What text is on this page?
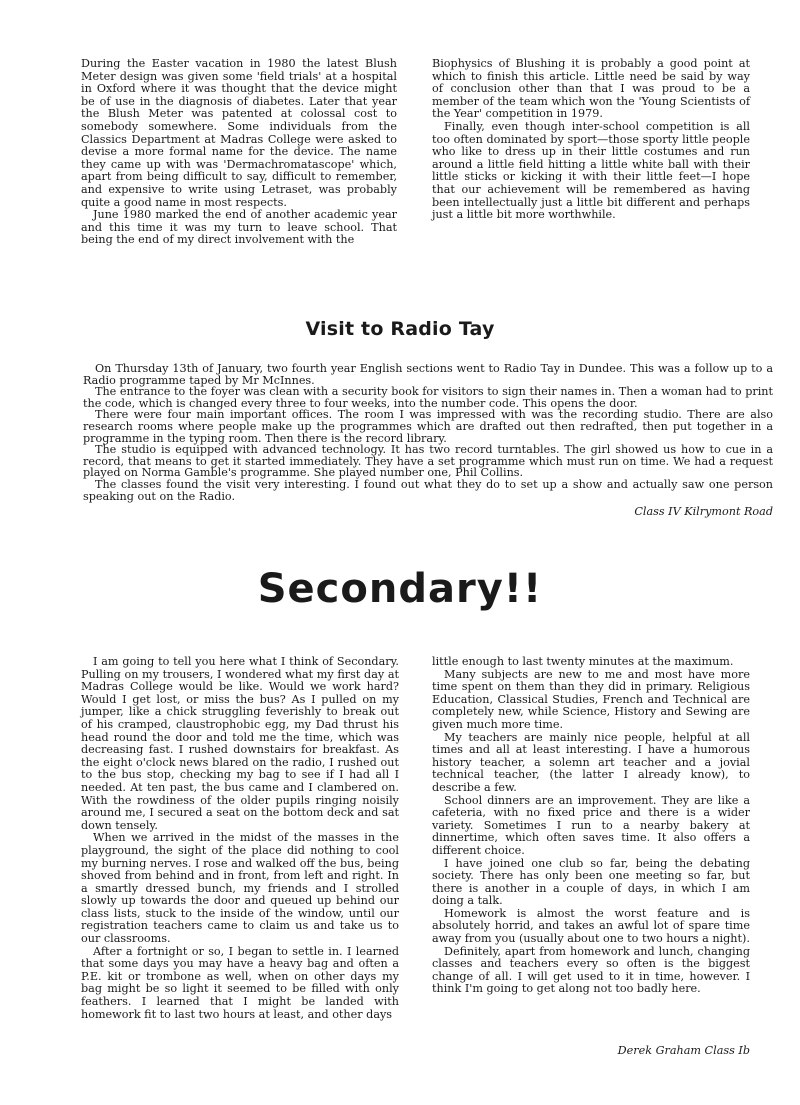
During the Easter vacation in 1980 the latest Blush Meter design was given some 'field trials' at a hospital in Oxford where it was thought that the device might be of use in the diagnosis of diabetes. Later that year the Blush Meter was patented at colossal cost to somebody somewhere. Some individuals from the Classics Department at Madras College were asked to devise a more formal name for the device. The name they came up with was 'Dermachromatascope' which, apart from being difficult to say, difficult to remember, and expensive to write using Letraset, was probably quite a good name in most respects.

June 1980 marked the end of another academic year and this time it was my turn to leave school. That being the end of my direct involvement with the

Biophysics of Blushing it is probably a good point at which to finish this article. Little need be said by way of conclusion other than that I was proud to be a member of the team which won the 'Young Scientists of the Year' competition in 1979.

Finally, even though inter-school competition is all too often dominated by sport—those sporty little people who like to dress up in their little costumes and run around a little field hitting a little white ball with their little sticks or kicking it with their little feet—I hope that our achievement will be remembered as having been intellectually just a little bit different and perhaps just a little bit more worthwhile.

Visit to Radio Tay

On Thursday 13th of January, two fourth year English sections went to Radio Tay in Dundee. This was a follow up to a Radio programme taped by Mr McInnes.

The entrance to the foyer was clean with a security book for visitors to sign their names in. Then a woman had to print the code, which is changed every three to four weeks, into the number code. This opens the door.

There were four main important offices. The room I was impressed with was the recording studio. There are also research rooms where people make up the programmes which are drafted out then redrafted, then put together in a programme in the typing room. Then there is the record library.

The studio is equipped with advanced technology. It has two record turntables. The girl showed us how to cue in a record, that means to get it started immediately. They have a set programme which must run on time. We had a request played on Norma Gamble's programme. She played number one, Phil Collins.

The classes found the visit very interesting. I found out what they do to set up a show and actually saw one person speaking out on the Radio.

Class IV Kilrymont Road
Secondary!!

I am going to tell you here what I think of Secondary. Pulling on my trousers, I wondered what my first day at Madras College would be like. Would we work hard? Would I get lost, or miss the bus? As I pulled on my jumper, like a chick struggling feverishly to break out of his cramped, claustrophobic egg, my Dad thrust his head round the door and told me the time, which was decreasing fast. I rushed downstairs for breakfast. As the eight o'clock news blared on the radio, I rushed out to the bus stop, checking my bag to see if I had all I needed. At ten past, the bus came and I clambered on. With the rowdiness of the older pupils ringing noisily around me, I secured a seat on the bottom deck and sat down tensely.

When we arrived in the midst of the masses in the playground, the sight of the place did nothing to cool my burning nerves. I rose and walked off the bus, being shoved from behind and in front, from left and right. In a smartly dressed bunch, my friends and I strolled slowly up towards the door and queued up behind our class lists, stuck to the inside of the window, until our registration teachers came to claim us and take us to our classrooms.

After a fortnight or so, I began to settle in. I learned that some days you may have a heavy bag and often a P.E. kit or trombone as well, when on other days my bag might be so light it seemed to be filled with only feathers. I learned that I might be landed with homework fit to last two hours at least, and other days

little enough to last twenty minutes at the maximum.

Many subjects are new to me and most have more time spent on them than they did in primary. Religious Education, Classical Studies, French and Technical are completely new, while Science, History and Sewing are given much more time.

My teachers are mainly nice people, helpful at all times and all at least interesting. I have a humorous history teacher, a solemn art teacher and a jovial technical teacher, (the latter I already know), to describe a few.

School dinners are an improvement. They are like a cafeteria, with no fixed price and there is a wider variety. Sometimes I run to a nearby bakery at dinnertime, which often saves time. It also offers a different choice.

I have joined one club so far, being the debating society. There has only been one meeting so far, but there is another in a couple of days, in which I am doing a talk.

Homework is almost the worst feature and is absolutely horrid, and takes an awful lot of spare time away from you (usually about one to two hours a night).

Definitely, apart from homework and lunch, changing classes and teachers every so often is the biggest change of all. I will get used to it in time, however. I think I'm going to get along not too badly here.

Derek Graham Class Ib
